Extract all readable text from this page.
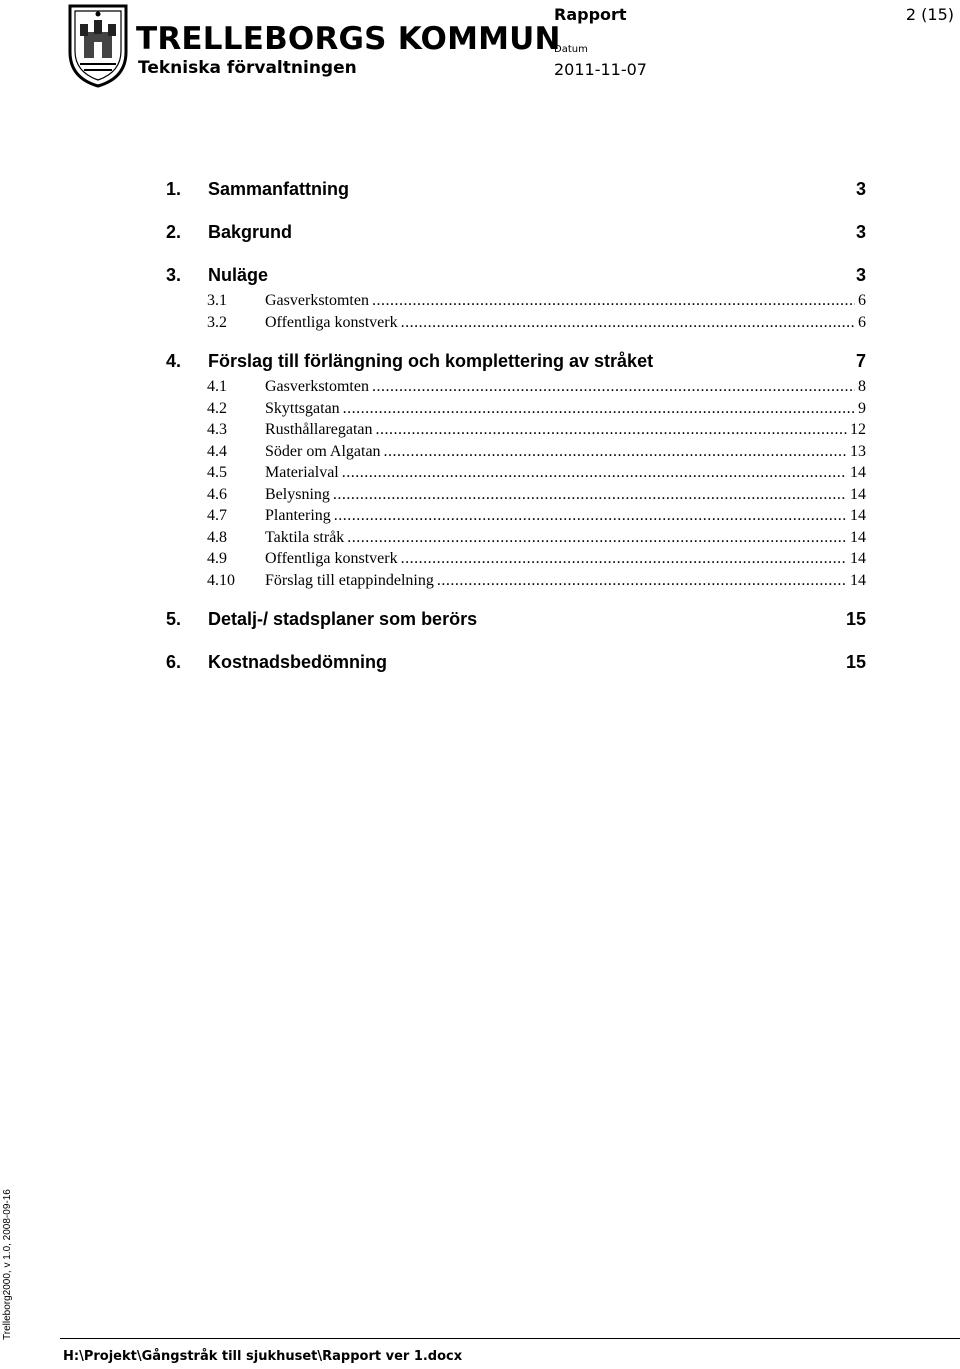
TRELLEBORGS KOMMUN
Tekniska förvaltningen
Rapport	2 (15)
Datum
2011-11-07
1.	Sammanfattning	3
2.	Bakgrund	3
3.	Nuläge	3
3.1	Gasverkstomten .....	6
3.2	Offentliga konstverk .....	6
4.	Förslag till förlängning och komplettering av stråket	7
4.1	Gasverkstomten .....	8
4.2	Skyttsgatan .....	9
4.3	Rusthållaregatan .....	12
4.4	Söder om Algatan .....	13
4.5	Materialval .....	14
4.6	Belysning .....	14
4.7	Plantering .....	14
4.8	Taktila stråk .....	14
4.9	Offentliga konstverk .....	14
4.10	Förslag till etappindelning .....	14
5.	Detalj-/ stadsplaner som berörs	15
6.	Kostnadsbedömning	15
Trelleborg2000, v 1.0, 2008-09-16
H:\Projekt\Gångstråk till sjukhuset\Rapport ver 1.docx
